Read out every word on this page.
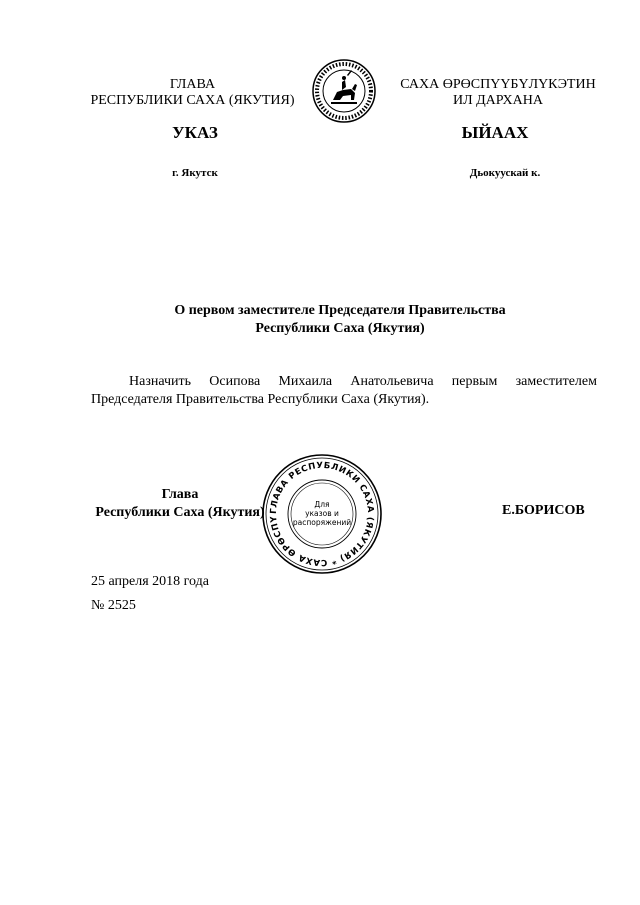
ГЛАВА
РЕСПУБЛИКИ САХА (ЯКУТИЯ)
САХА ӨРӨСПҮҮБҮЛҮКЭТИН
ИЛ ДАРХАНА
УКАЗ	ЫЙААХ
г. Якутск	Дьокуускай к.
О первом заместителе Председателя Правительства
Республики Саха (Якутия)
Назначить Осипова Михаила Анатольевича первым заместителем Председателя Правительства Республики Саха (Якутия).
Глава
Республики Саха (Якутия) ГЛАВА РЕСПУБЛИКИ САХА (ЯКУТИЯ) * САХА ӨРӨСПҮ
Для
указов и
распоряжений
Е.БОРИСОВ
25 апреля 2018 года
№ 2525
